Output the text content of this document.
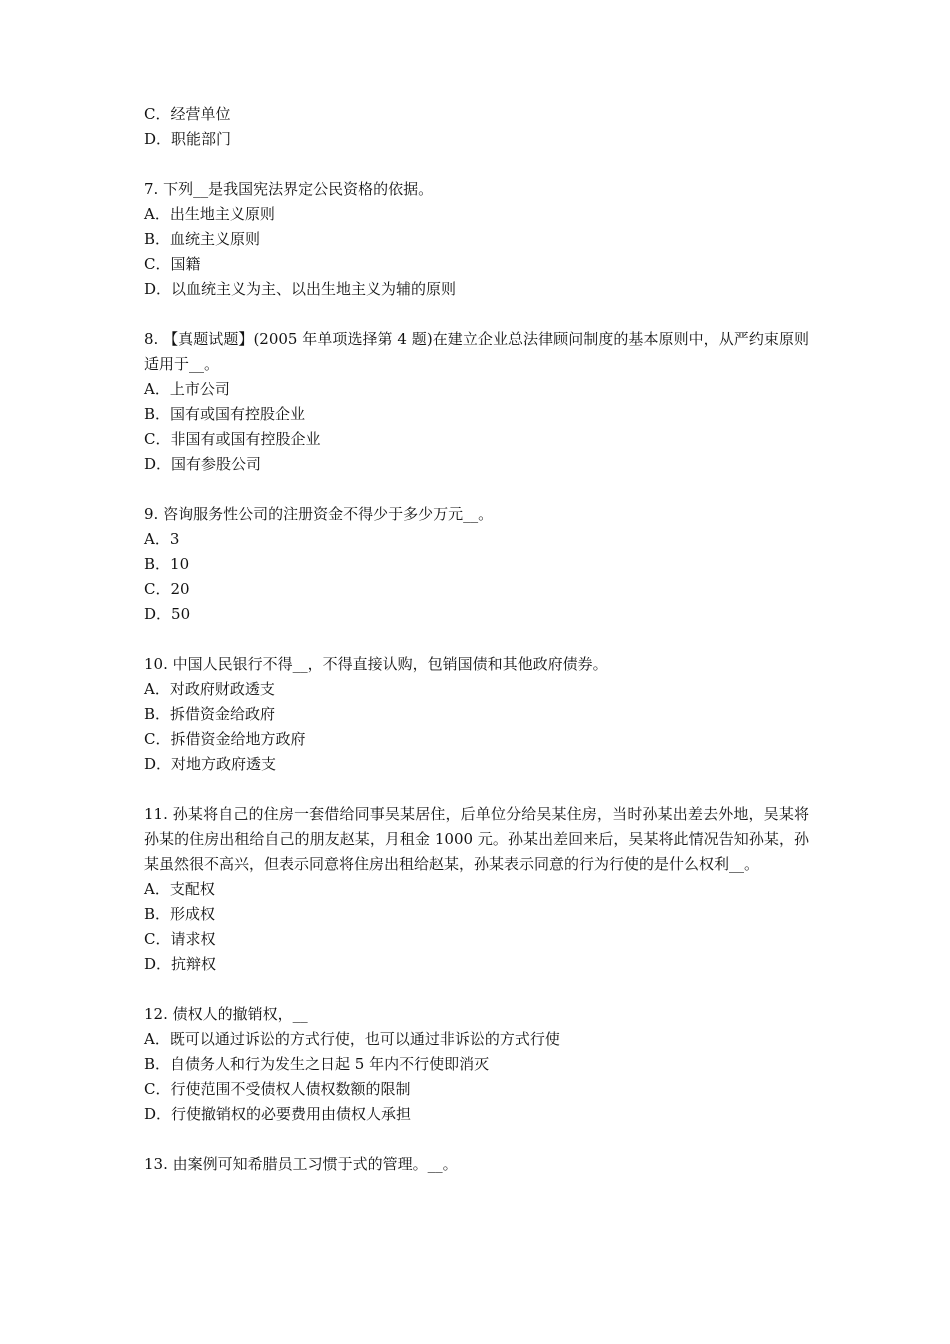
C．经营单位

D．职能部门

7. 下列__是我国宪法界定公民资格的依据。

A．出生地主义原则

B．血统主义原则

C．国籍

D．以血统主义为主、以出生地主义为辅的原则

8. 【真题试题】(2005 年单项选择第 4 题)在建立企业总法律顾问制度的基本原则中，从严约束原则适用于__。

A．上市公司

B．国有或国有控股企业

C．非国有或国有控股企业

D．国有参股公司

9. 咨询服务性公司的注册资金不得少于多少万元__。

A．3

B．10

C．20

D．50

10. 中国人民银行不得__，不得直接认购，包销国债和其他政府债券。

A．对政府财政透支

B．拆借资金给政府

C．拆借资金给地方政府

D．对地方政府透支

11. 孙某将自己的住房一套借给同事吴某居住，后单位分给吴某住房，当时孙某出差去外地，吴某将孙某的住房出租给自己的朋友赵某，月租金 1000 元。孙某出差回来后，吴某将此情况告知孙某，孙某虽然很不高兴，但表示同意将住房出租给赵某，孙某表示同意的行为行使的是什么权利__。

A．支配权

B．形成权

C．请求权

D．抗辩权

12. 债权人的撤销权，__

A．既可以通过诉讼的方式行使，也可以通过非诉讼的方式行使

B．自债务人和行为发生之日起 5 年内不行使即消灭

C．行使范围不受债权人债权数额的限制

D．行使撤销权的必要费用由债权人承担

13. 由案例可知希腊员工习惯于式的管理。__。
